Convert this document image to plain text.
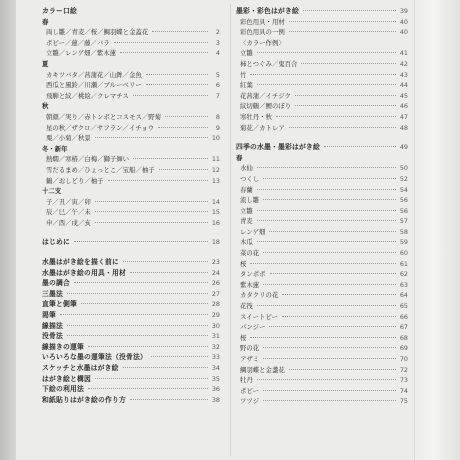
カラー口絵
春
両し雛／青麦／桜／鯛羽蝶と金蓋花	2
ポピー／蓮／藤／バラ	3
立雛／レンゲ畑／紫木蓮	4
夏
カキツバタ／菖蒲花／山鉾／金魚	5
西瓜と風鈴／川瀬／ブルーベリー	6
飛騨と紋／桃絵／クレマチス	7
秋
朝顔／実り／赤トンボとコスモス／野菊	8
星の秋／ザクロ／サフラン／イチョウ	9
栗／小菊／秋景	10
冬・新年
熱燗／寒椿／白梅／獅子舞い	11
雪だるまめ／ひょっとこ／宝船／柚子	12
鶴／おしどり／柚子	13
十二支
子／丑／寅／卯	14
辰／巳／午／未	15
申／酉／戌／亥	16
はじめに	18
水墨はがき絵を描く前に	23
水墨はがき絵の用具・用材	24
墨の調合	26
三墨法	27
直筆と側筆	28
渇筆	29
線描法	30
没骨法	31
線描きの運筆	32
いろいろな墨の運筆法（没骨法）	33
スケッチと水墨はがき絵	34
はがき絵と構図	35
下絵の利用法	36
和紙貼りはがき絵の作り方	38
墨彩・彩色はがき絵	39
彩色用具・用材	40
彩色用具の一例	40
〈カラー作例〉
立雛	41
柿とつぐみ／鬼百合	42
竹	43
紅葉	44
花菖蒲／イチジク	45
紋切鶴／鯉のぼり	46
寒牡丹・秋	47
菊花／カトレア	48
四季の水墨・墨彩はがき絵	49
春
水仙	50
つくし	52
春蘭	54
流し雛	56
立雛	56
青麦	57
レンゲ畑	58
木瓜	59
菜の花	60
桜	61
タンポポ	62
紫木蓮	63
カタクリの花	64
花筏	65
スイートピー	66
パンジー	67
桜	68
野の花	69
アザミ	70
鯛羽蝶と金盞花	72
牡丹	73
ポピー	74
ツツジ	75
